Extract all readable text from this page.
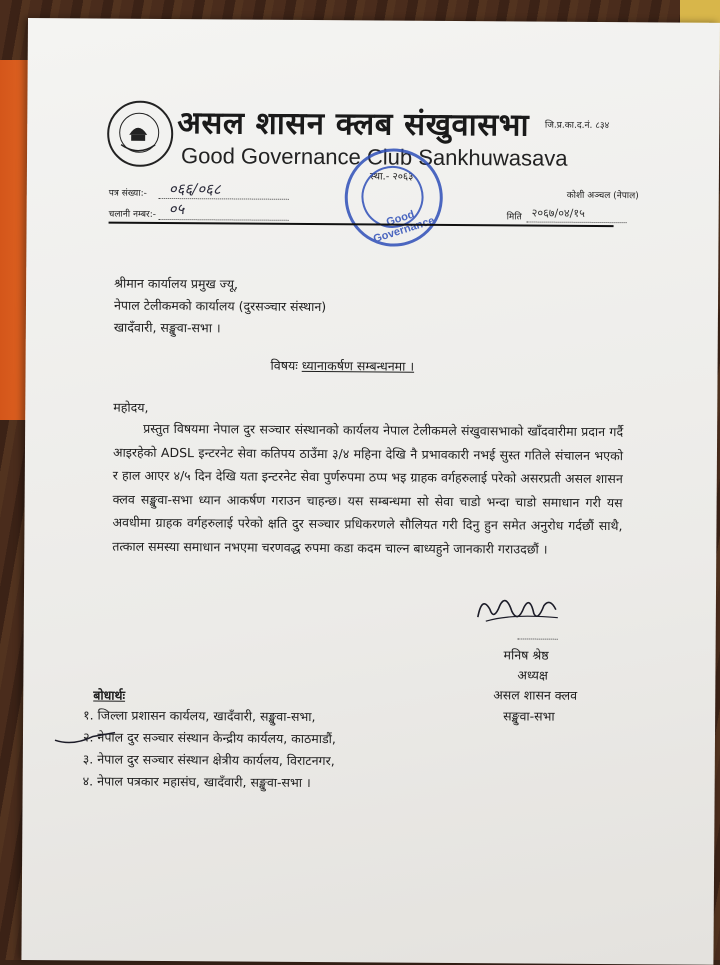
असल शासन क्लब संखुवासभा
Good Governance Club Sankhuwasava
जि.प्र.का.द.नं. ८३४
स्था.- २०६३
कोशी अञ्चल (नेपाल)
Good Governance
पत्र संख्या:- ०६६/०६८
चलानी नम्बर:- ०५	मिति २०६७/०४/१५
श्रीमान कार्यालय प्रमुख ज्यू,
नेपाल टेलीकमको कार्यालय (दुरसञ्चार संस्थान)
खादँवारी, सङ्खुवा-सभा ।
विषयः ध्यानाकर्षण सम्बन्धनमा ।
महोदय,
प्रस्तुत विषयमा नेपाल दुर सञ्चार संस्थानको कार्यलय नेपाल टेलीकमले संखुवासभाको खाँदवारीमा प्रदान गर्दै आइरहेको ADSL इन्टरनेट सेवा कतिपय ठाउँमा ३/४ महिना देखि नै प्रभावकारी नभई सुस्त गतिले संचालन भएको र हाल आएर ४/५ दिन देखि यता इन्टरनेट सेवा पुर्णरुपमा ठप्प भइ ग्राहक वर्गहरुलाई परेको असरप्रती असल शासन क्लव सङ्खुवा-सभा ध्यान आकर्षण गराउन चाहन्छ। यस सम्बन्धमा सो सेवा चाडो भन्दा चाडो समाधान गरी यस अवधीमा ग्राहक वर्गहरुलाई परेको क्षति दुर सञ्चार प्रधिकरणले सौलियत गरी दिनु हुन समेत अनुरोध गर्दछौं साथै, तत्काल समस्या समाधान नभएमा चरणवद्ध रुपमा कडा कदम चाल्न बाध्यहुने जानकारी गराउदछौं ।
मनिष श्रेष्ठ
अध्यक्ष
असल शासन क्लव
सङ्खुवा-सभा
बोधार्थः
१. जिल्ला प्रशासन कार्यलय, खादँवारी, सङ्खुवा-सभा,
२. नेपाल दुर सञ्चार संस्थान केन्द्रीय कार्यलय, काठमाडौं,
३. नेपाल दुर सञ्चार संस्थान क्षेत्रीय कार्यलय, विराटनगर,
४. नेपाल पत्रकार महासंघ, खादँवारी, सङ्खुवा-सभा ।
